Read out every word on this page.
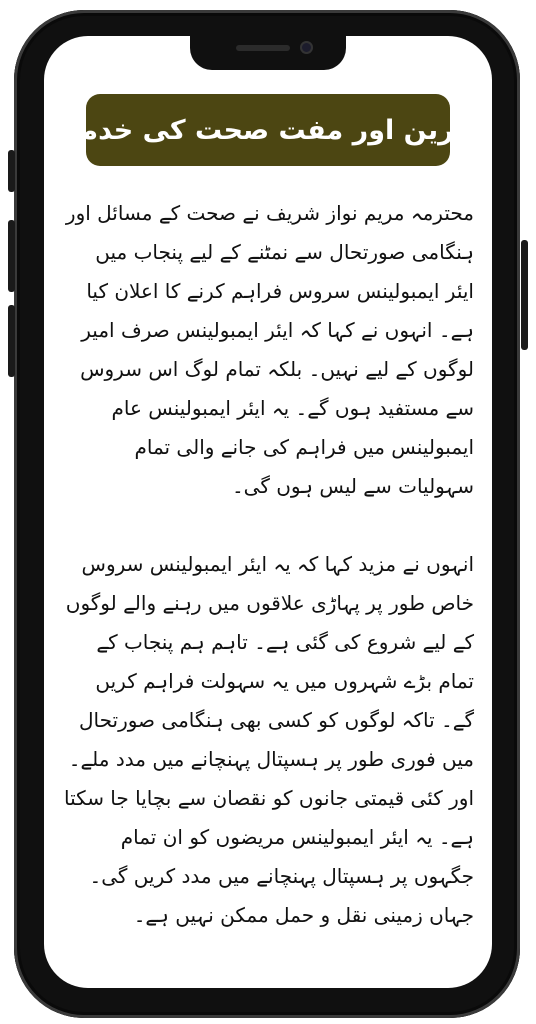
بہترین اور مفت صحت کی خدمات

محترمہ مریم نواز شریف نے صحت کے مسائل اور ہنگامی صورتحال سے نمٹنے کے لیے پنجاب میں ایئر ایمبولینس سروس فراہم کرنے کا اعلان کیا ہے۔ انہوں نے کہا کہ ایئر ایمبولینس صرف امیر لوگوں کے لیے نہیں۔ بلکہ تمام لوگ اس سروس سے مستفید ہوں گے۔ یہ ایئر ایمبولینس عام ایمبولینس میں فراہم کی جانے والی تمام سہولیات سے لیس ہوں گی۔

انہوں نے مزید کہا کہ یہ ایئر ایمبولینس سروس خاص طور پر پہاڑی علاقوں میں رہنے والے لوگوں کے لیے شروع کی گئی ہے۔ تاہم ہم پنجاب کے تمام بڑے شہروں میں یہ سہولت فراہم کریں گے۔ تاکہ لوگوں کو کسی بھی ہنگامی صورتحال میں فوری طور پر ہسپتال پہنچانے میں مدد ملے۔ اور کئی قیمتی جانوں کو نقصان سے بچایا جا سکتا ہے۔ یہ ایئر ایمبولینس مریضوں کو ان تمام جگہوں پر ہسپتال پہنچانے میں مدد کریں گی۔ جہاں زمینی نقل و حمل ممکن نہیں ہے۔
